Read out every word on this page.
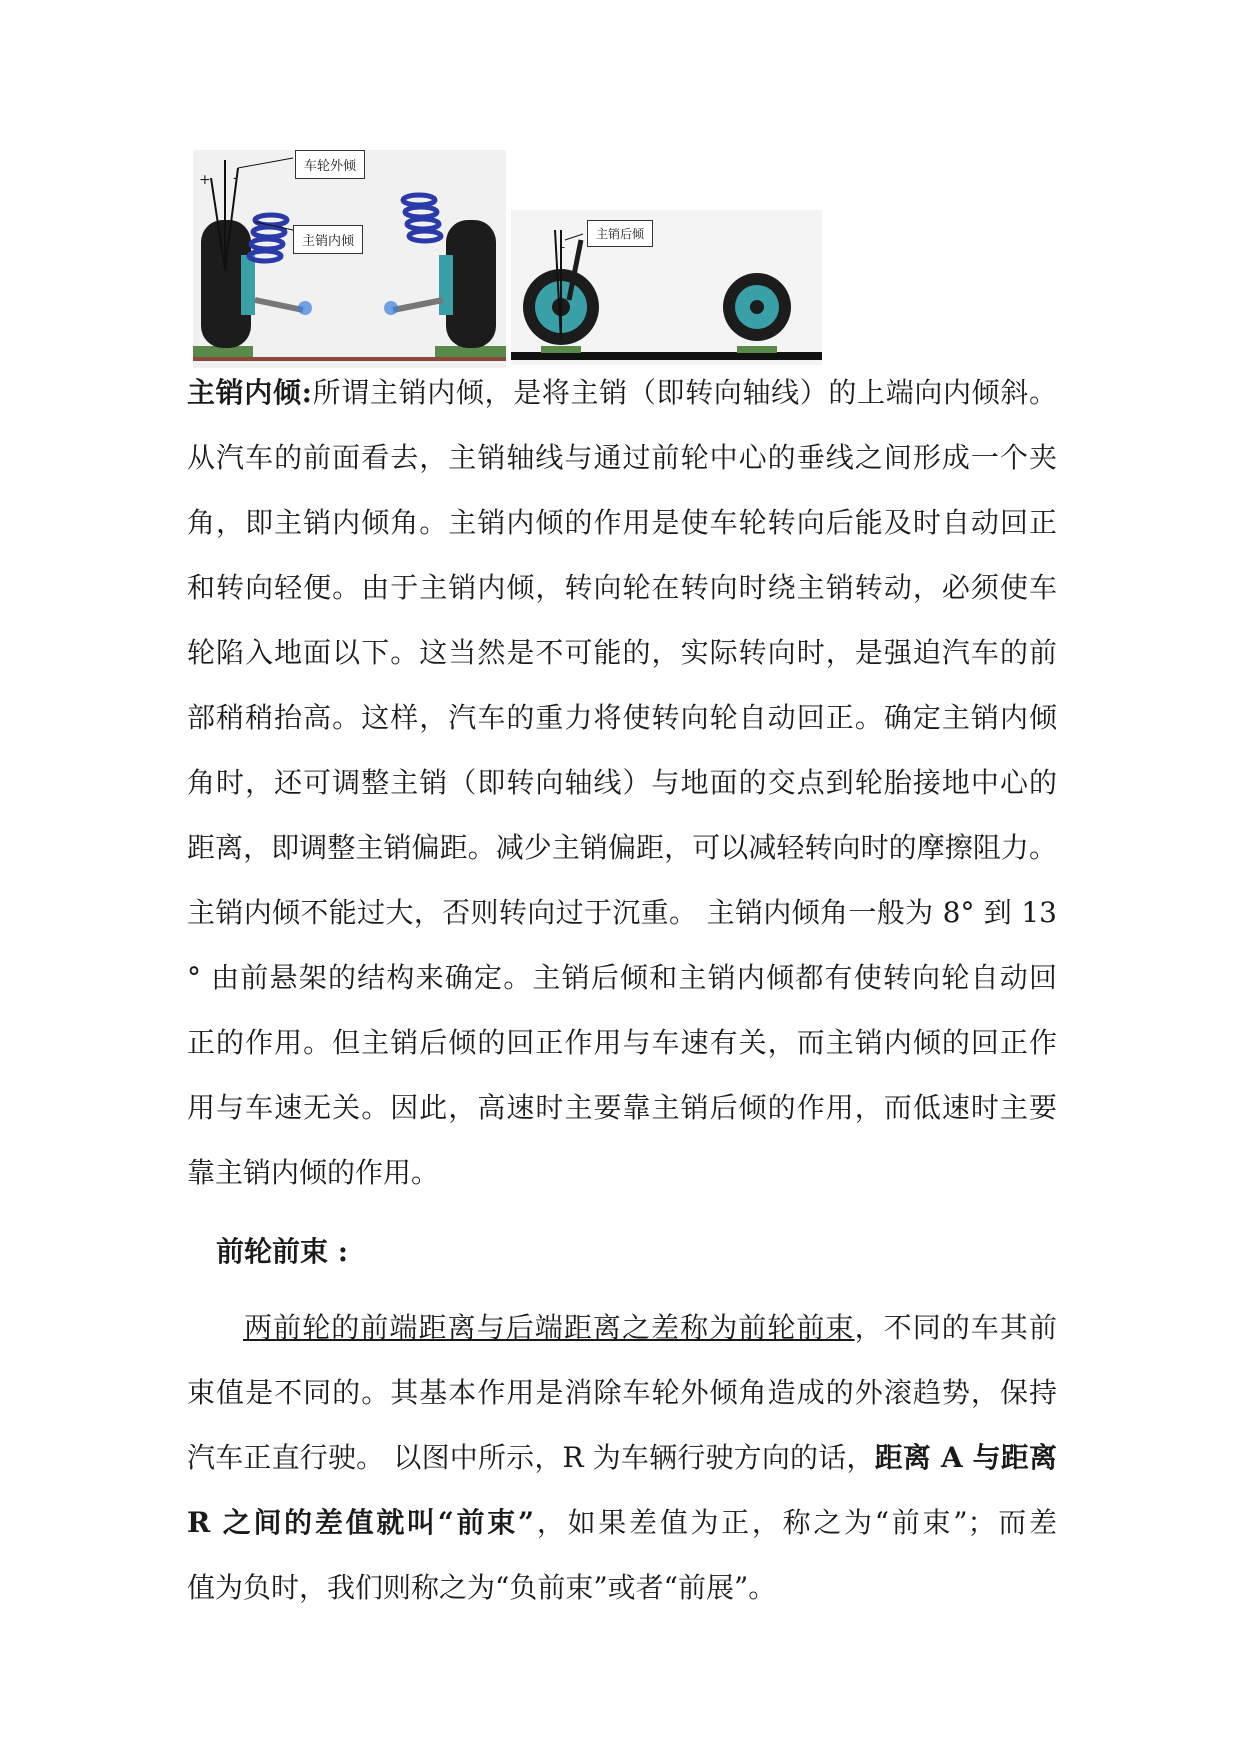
+ -
车轮外倾
主销内倾	-
主销后倾

主销内倾:所谓主销内倾，是将主销（即转向轴线）的上端向内倾斜。

从汽车的前面看去，主销轴线与通过前轮中心的垂线之间形成一个夹

角，即主销内倾角。主销内倾的作用是使车轮转向后能及时自动回正

和转向轻便。由于主销内倾，转向轮在转向时绕主销转动，必须使车

轮陷入地面以下。这当然是不可能的，实际转向时，是强迫汽车的前

部稍稍抬高。这样，汽车的重力将使转向轮自动回正。确定主销内倾

角时，还可调整主销（即转向轴线）与地面的交点到轮胎接地中心的

距离，即调整主销偏距。减少主销偏距，可以减轻转向时的摩擦阻力。

主销内倾不能过大，否则转向过于沉重。 主销内倾角一般为 8° 到 13

° 由前悬架的结构来确定。主销后倾和主销内倾都有使转向轮自动回

正的作用。但主销后倾的回正作用与车速有关，而主销内倾的回正作

用与车速无关。因此，高速时主要靠主销后倾的作用，而低速时主要

靠主销内倾的作用。

前轮前束 :

两前轮的前端距离与后端距离之差称为前轮前束，不同的车其前

束值是不同的。其基本作用是消除车轮外倾角造成的外滚趋势，保持

汽车正直行驶。 以图中所示，R 为车辆行驶方向的话，距离 A 与距离

R 之间的差值就叫“前束”，如果差值为正，称之为“前束”；而差

值为负时，我们则称之为“负前束”或者“前展”。
